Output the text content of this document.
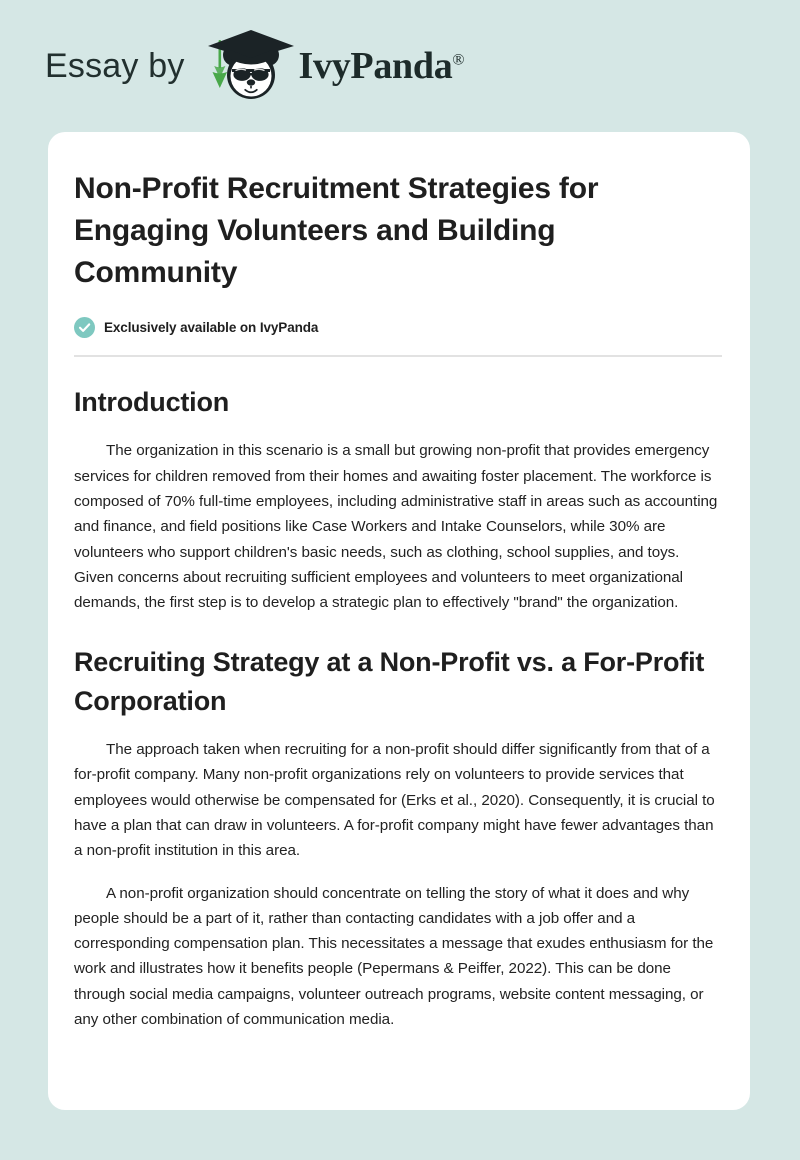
Essay by	IvyPanda®
Non-Profit Recruitment Strategies for Engaging Volunteers and Building Community
Exclusively available on IvyPanda
Introduction

The organization in this scenario is a small but growing non-profit that provides emergency services for children removed from their homes and awaiting foster placement. The workforce is composed of 70% full-time employees, including administrative staff in areas such as accounting and finance, and field positions like Case Workers and Intake Counselors, while 30% are volunteers who support children's basic needs, such as clothing, school supplies, and toys. Given concerns about recruiting sufficient employees and volunteers to meet organizational demands, the first step is to develop a strategic plan to effectively "brand" the organization.

Recruiting Strategy at a Non-Profit vs. a For-Profit Corporation

The approach taken when recruiting for a non-profit should differ significantly from that of a for-profit company. Many non-profit organizations rely on volunteers to provide services that employees would otherwise be compensated for (Erks et al., 2020). Consequently, it is crucial to have a plan that can draw in volunteers. A for-profit company might have fewer advantages than a non-profit institution in this area.

A non-profit organization should concentrate on telling the story of what it does and why people should be a part of it, rather than contacting candidates with a job offer and a corresponding compensation plan. This necessitates a message that exudes enthusiasm for the work and illustrates how it benefits people (Pepermans & Peiffer, 2022). This can be done through social media campaigns, volunteer outreach programs, website content messaging, or any other combination of communication media.
